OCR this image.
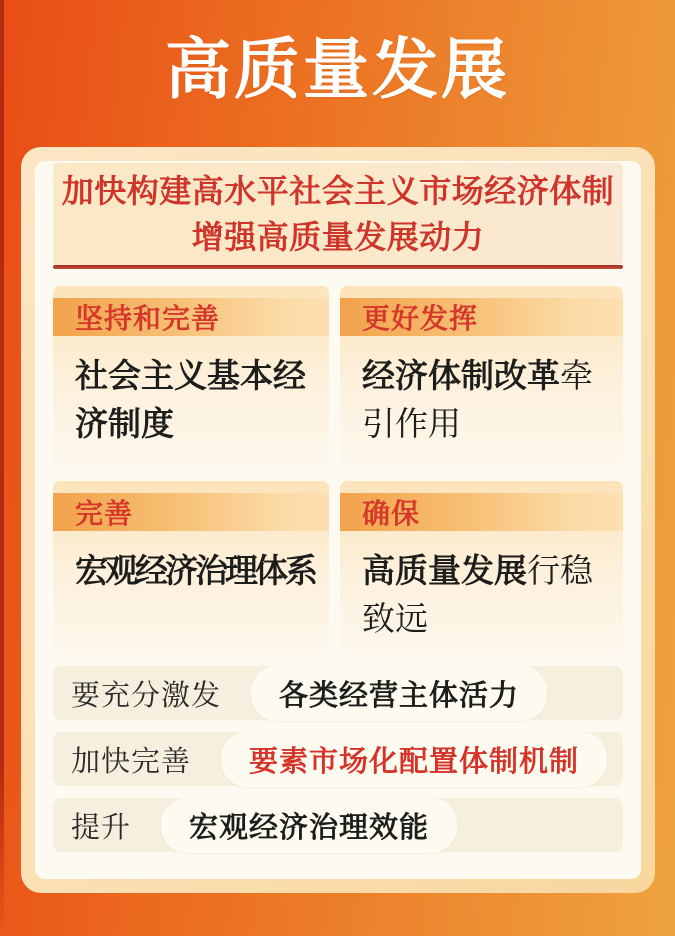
高质量发展
加快构建高水平社会主义市场经济体制
增强高质量发展动力
坚持和完善
社会主义基本经济制度
更好发挥
经济体制改革牵引作用
完善
宏观经济治理体系
确保
高质量发展行稳致远
要充分激发	各类经营主体活力
加快完善	要素市场化配置体制机制
提升	宏观经济治理效能
